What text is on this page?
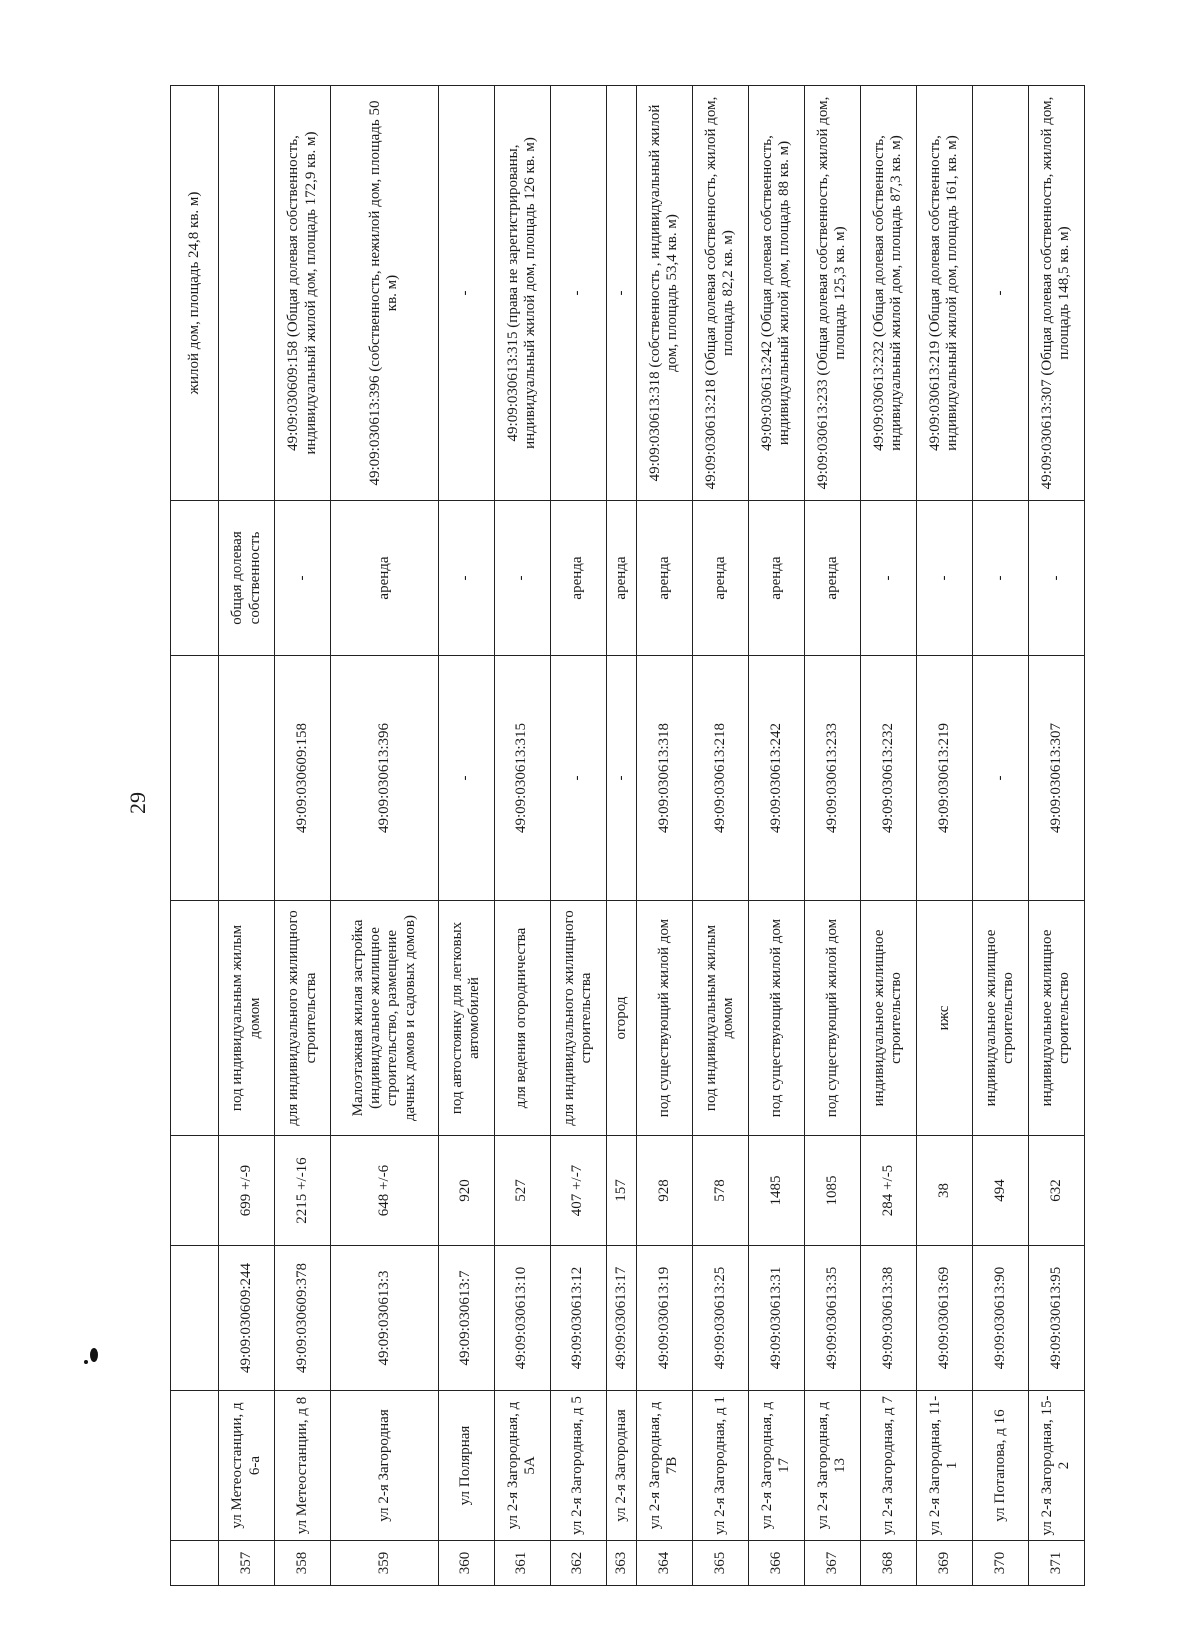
29
							жилой дом, площадь 24,8 кв. м)
357	ул Метеостанции, д 6-а	49:09:030609:244	699 +/-9	под индивидуальным жилым домом		общая долевая собственность	
358	ул Метеостанции, д 8	49:09:030609:378	2215 +/-16	для индивидуального жилищного строительства	49:09:030609:158	-	49:09:030609:158 (Общая долевая собственность, индивидуальный жилой дом, площадь 172,9 кв. м)
359	ул 2-я Загородная	49:09:030613:3	648 +/-6	Малоэтажная жилая застройка (индивидуальное жилищное строительство, размещение дачных домов и садовых домов)	49:09:030613:396	аренда	49:09:030613:396 (собственность, нежилой дом, площадь 50 кв. м)
360	ул Полярная	49:09:030613:7	920	под автостоянку для легковых автомобилей	-	-	-
361	ул 2-я Загородная, д 5А	49:09:030613:10	527	для ведения огородничества	49:09:030613:315	-	49:09:030613:315 (права не зарегистрированы, индивидуальный жилой дом, площадь 126 кв. м)
362	ул 2-я Загородная, д 5	49:09:030613:12	407 +/-7	для индивидуального жилищного строительства	-	аренда	-
363	ул 2-я Загородная	49:09:030613:17	157	огород	-	аренда	-
364	ул 2-я Загородная, д 7В	49:09:030613:19	928	под существующий жилой дом	49:09:030613:318	аренда	49:09:030613:318 (собственность , индивидуальный жилой дом, площадь 53,4 кв. м)
365	ул 2-я Загородная, д 1	49:09:030613:25	578	под индивидуальным жилым домом	49:09:030613:218	аренда	49:09:030613:218 (Общая долевая собственность, жилой дом, площадь 82,2 кв. м)
366	ул 2-я Загородная, д 17	49:09:030613:31	1485	под существующий жилой дом	49:09:030613:242	аренда	49:09:030613:242 (Общая долевая собственность, индивидуальный жилой дом, площадь 88 кв. м)
367	ул 2-я Загородная, д 13	49:09:030613:35	1085	под существующий жилой дом	49:09:030613:233	аренда	49:09:030613:233 (Общая долевая собственность, жилой дом, площадь 125,3 кв. м)
368	ул 2-я Загородная, д 7	49:09:030613:38	284 +/-5	индивидуальное жилищное строительство	49:09:030613:232	-	49:09:030613:232 (Общая долевая собственность, индивидуальный жилой дом, площадь 87,3 кв. м)
369	ул 2-я Загородная, 11-1	49:09:030613:69	38	ижс	49:09:030613:219	-	49:09:030613:219 (Общая долевая собственность, индивидуальный жилой дом, площадь 161, кв. м)
370	ул Потапова, д 16	49:09:030613:90	494	индивидуальное жилищное строительство	-	-	-
371	ул 2-я Загородная, 15-2	49:09:030613:95	632	индивидуальное жилищное строительство	49:09:030613:307	-	49:09:030613:307 (Общая долевая собственность, жилой дом, площадь 148,5 кв. м)
